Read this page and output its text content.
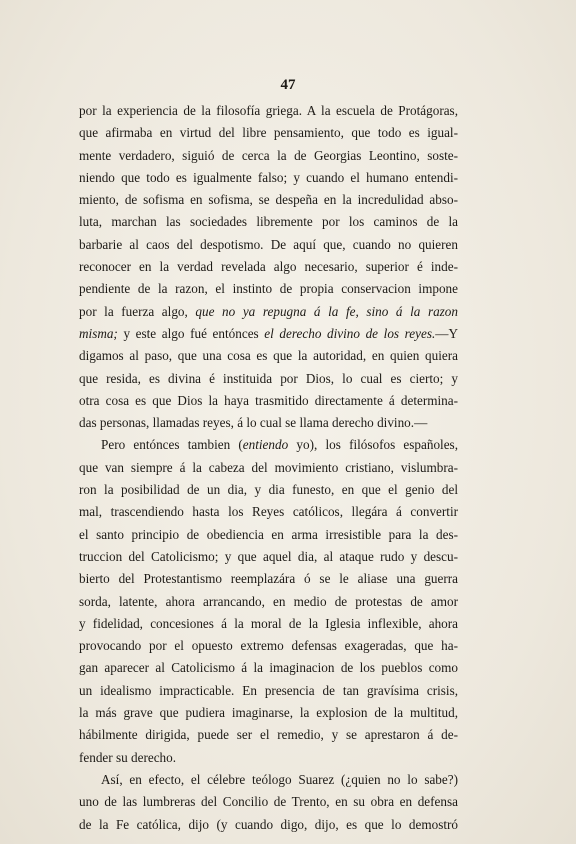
47
por la experiencia de la filosofía griega. A la escuela de Protágoras,
que afirmaba en virtud del libre pensamiento, que todo es igual-
mente verdadero, siguió de cerca la de Georgias Leontino, soste-
niendo que todo es igualmente falso; y cuando el humano entendi-
miento, de sofisma en sofisma, se despeña en la incredulidad abso-
luta, marchan las sociedades libremente por los caminos de la
barbarie al caos del despotismo. De aquí que, cuando no quieren
reconocer en la verdad revelada algo necesario, superior é inde-
pendiente de la razon, el instinto de propia conservacion impone
por la fuerza algo, que no ya repugna á la fe, sino á la razon
misma; y este algo fué entónces el derecho divino de los reyes.—Y
digamos al paso, que una cosa es que la autoridad, en quien quiera
que resida, es divina é instituida por Dios, lo cual es cierto; y
otra cosa es que Dios la haya trasmitido directamente á determina-
das personas, llamadas reyes, á lo cual se llama derecho divino.—
Pero entónces tambien (entiendo yo), los filósofos españoles,
que van siempre á la cabeza del movimiento cristiano, vislumbra-
ron la posibilidad de un dia, y dia funesto, en que el genio del
mal, trascendiendo hasta los Reyes católicos, llegára á convertir
el santo principio de obediencia en arma irresistible para la des-
truccion del Catolicismo; y que aquel dia, al ataque rudo y descu-
bierto del Protestantismo reemplazára ó se le aliase una guerra
sorda, latente, ahora arrancando, en medio de protestas de amor
y fidelidad, concesiones á la moral de la Iglesia inflexible, ahora
provocando por el opuesto extremo defensas exageradas, que ha-
gan aparecer al Catolicismo á la imaginacion de los pueblos como
un idealismo impracticable. En presencia de tan gravísima crisis,
la más grave que pudiera imaginarse, la explosion de la multitud,
hábilmente dirigida, puede ser el remedio, y se aprestaron á de-
fender su derecho.
Así, en efecto, el célebre teólogo Suarez (¿quien no lo sabe?)
uno de las lumbreras del Concilio de Trento, en su obra en defensa
de la Fe católica, dijo (y cuando digo, dijo, es que lo demostró
